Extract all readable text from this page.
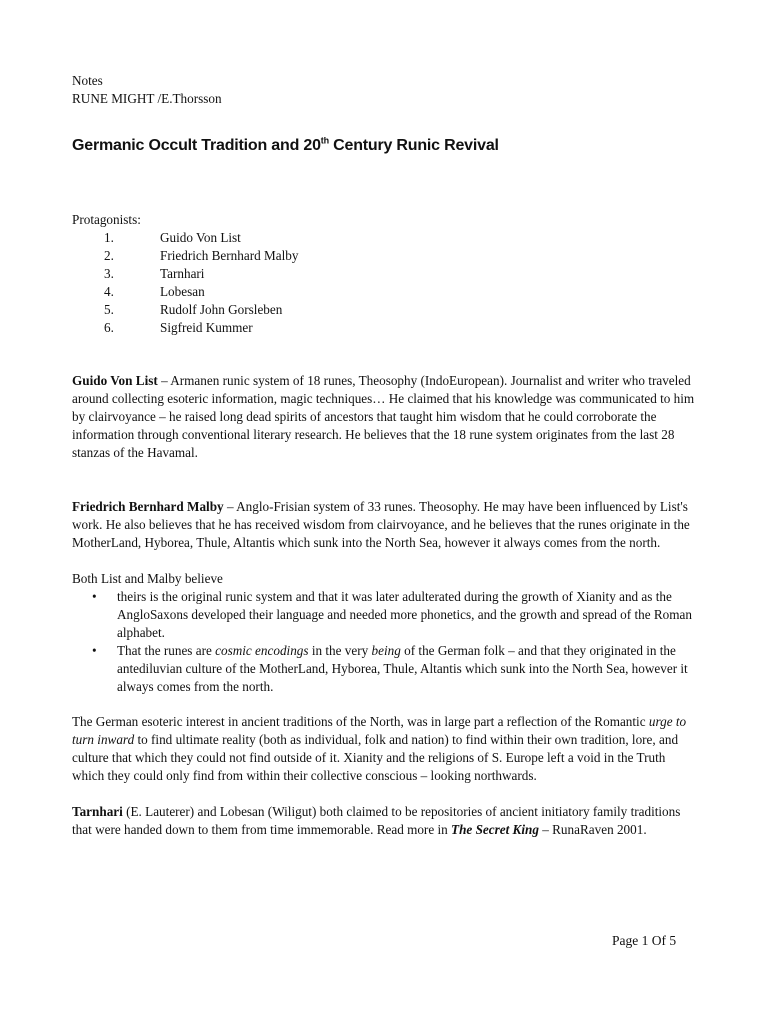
Notes
RUNE MIGHT /E.Thorsson
Germanic Occult Tradition and 20th Century Runic Revival
Protagonists:
1.	Guido Von List
2.	Friedrich Bernhard Malby
3.	Tarnhari
4.	Lobesan
5.	Rudolf John Gorsleben
6.	Sigfreid Kummer

Guido Von List – Armanen runic system of 18 runes, Theosophy (IndoEuropean). Journalist and writer who traveled around collecting esoteric information, magic techniques… He claimed that his knowledge was communicated to him by clairvoyance – he raised long dead spirits of ancestors that taught him wisdom that he could corroborate the information through conventional literary research. He believes that the 18 rune system originates from the last 28 stanzas of the Havamal.

Friedrich Bernhard Malby – Anglo-Frisian system of 33 runes. Theosophy. He may have been influenced by List's work. He also believes that he has received wisdom from clairvoyance, and he believes that the runes originate in the MotherLand, Hyborea, Thule, Altantis which sunk into the North Sea, however it always comes from the north.

Both List and Malby believe

• theirs is the original runic system and that it was later adulterated during the growth of Xianity and as the AngloSaxons developed their language and needed more phonetics, and the growth and spread of the Roman alphabet.
• That the runes are cosmic encodings in the very being of the German folk – and that they originated in the antediluvian culture of the MotherLand, Hyborea, Thule, Altantis which sunk into the North Sea, however it always comes from the north.

The German esoteric interest in ancient traditions of the North, was in large part a reflection of the Romantic urge to turn inward to find ultimate reality (both as individual, folk and nation) to find within their own tradition, lore, and culture that which they could not find outside of it. Xianity and the religions of S. Europe left a void in the Truth which they could only find from within their collective conscious – looking northwards.

Tarnhari (E. Lauterer) and Lobesan (Wiligut) both claimed to be repositories of ancient initiatory family traditions that were handed down to them from time immemorable. Read more in The Secret King – RunaRaven 2001.

Page 1 Of 5
